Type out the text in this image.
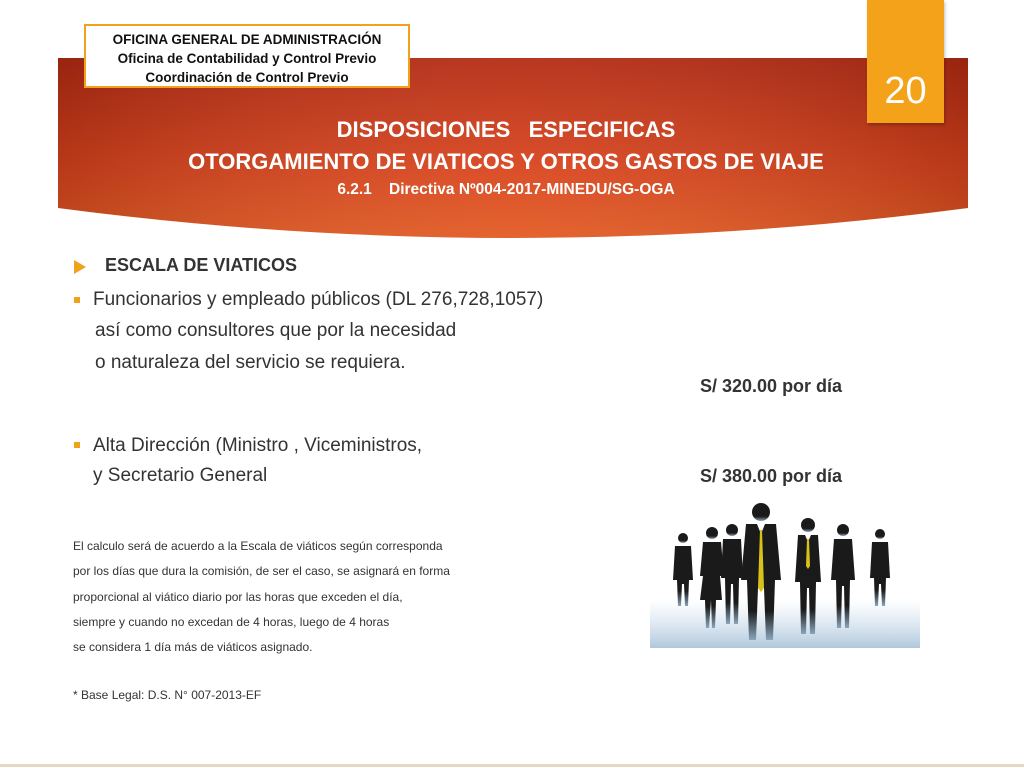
OFICINA GENERAL DE ADMINISTRACIÓN
Oficina de Contabilidad y Control Previo
Coordinación de Control Previo	20
DISPOSICIONES   ESPECIFICAS
OTORGAMIENTO DE VIATICOS Y OTROS GASTOS DE VIAJE
6.2.1    Directiva Nº004-2017-MINEDU/SG-OGA
ESCALA DE VIATICOS
Funcionarios y empleado públicos (DL 276,728,1057)
así como consultores que por la necesidad
o naturaleza del servicio se requiera.
S/ 320.00 por día
Alta Dirección (Ministro , Viceministros,
y Secretario General	S/ 380.00 por día
El calculo será de acuerdo a la Escala de viáticos según corresponda
por los días que dura la comisión, de ser el caso, se asignará en forma
proporcional al viático diario por las horas que exceden el día,
siempre y cuando no excedan de 4 horas, luego de 4 horas
se considera 1 día más de viáticos asignado.
* Base Legal: D.S. N° 007-2013-EF
